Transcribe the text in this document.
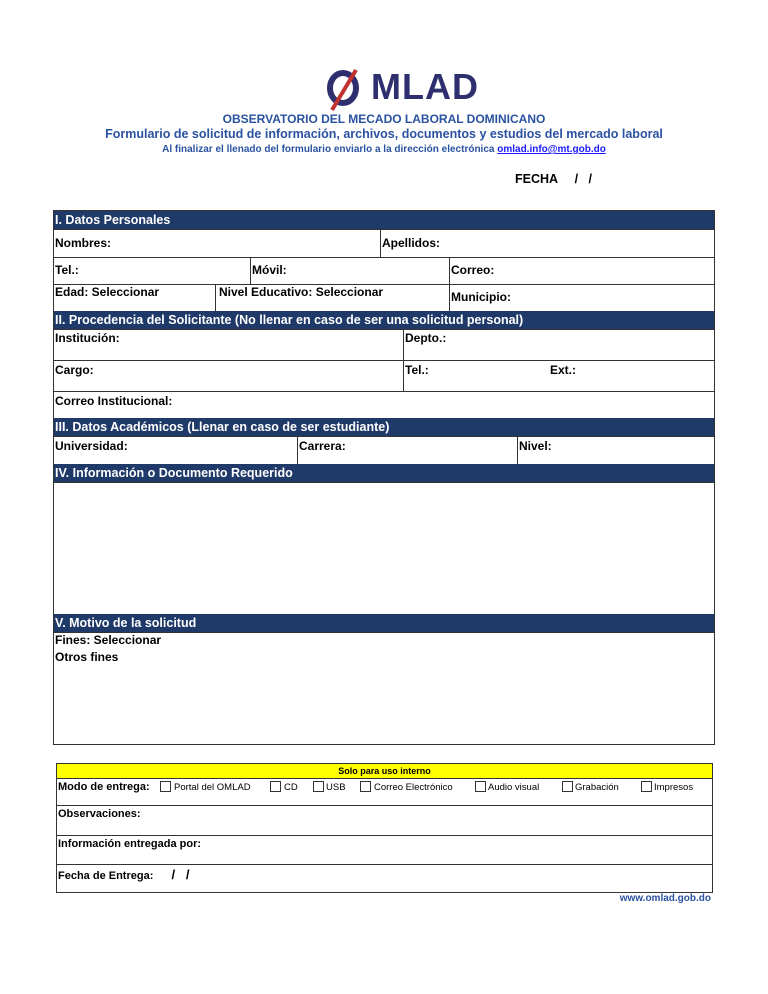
MLAD
OBSERVATORIO DEL MECADO LABORAL DOMINICANO
Formulario de solicitud de información, archivos, documentos y estudios del mercado laboral
Al finalizar el llenado del formulario enviarlo a la dirección electrónica omlad.info@mt.gob.do
FECHA /   /
I. Datos Personales
Nombres:	Apellidos:
Tel.:	Móvil:	Correo:
Edad: Seleccionar	Nivel Educativo: Seleccionar	Municipio:
II. Procedencia del Solicitante (No llenar en caso de ser una solicitud personal)
Institución:	Depto.:
Cargo:	Tel.:	Ext.:
Correo Institucional:
III. Datos Académicos (Llenar en caso de ser estudiante)
Universidad:	Carrera:	Nivel:
IV. Información o Documento Requerido
V. Motivo de la solicitud
Fines: Seleccionar
Otros fines
Solo para uso interno
Modo de entrega:	Portal del OMLAD	CD	USB	Correo Electrónico	Audio visual	Grabación	Impresos
Observaciones:
Información entregada por:
Fecha de Entrega: /   /
www.omlad.gob.do
